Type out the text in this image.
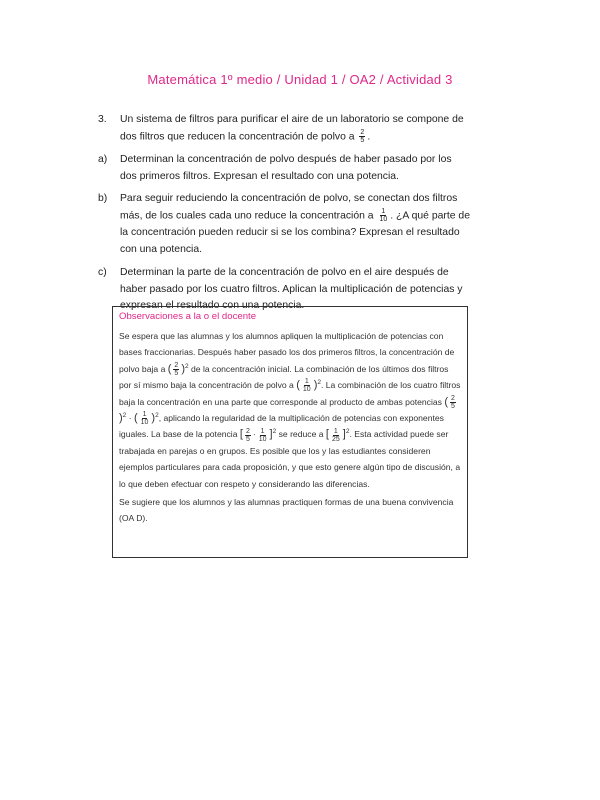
Matemática 1º medio / Unidad 1 / OA2 / Actividad 3
3.	Un sistema de filtros para purificar el aire de un laboratorio se compone de dos filtros que reducen la concentración de polvo a $\frac{2}{5}$ .
a)	Determinan la concentración de polvo después de haber pasado por los dos primeros filtros. Expresan el resultado con una potencia.
b)	Para seguir reduciendo la concentración de polvo, se conectan dos filtros más, de los cuales cada uno reduce la concentración a $\frac{1}{10}$ . ¿A qué parte de la concentración pueden reducir si se los combina? Expresan el resultado con una potencia.
c)	Determinan la parte de la concentración de polvo en el aire después de haber pasado por los cuatro filtros. Aplican la multiplicación de potencias y expresan el resultado con una potencia.
Observaciones a la o el docente

Se espera que las alumnas y los alumnos apliquen la multiplicación de potencias con bases fraccionarias. Después haber pasado los dos primeros filtros, la concentración de polvo baja a ( $\frac{2}{5} )^2$ de la concentración inicial. La combinación de los últimos dos filtros por sí mismo baja la concentración de polvo a ( $\frac{1}{10} )^2$. La combinación de los cuatro filtros baja la concentración en una parte que corresponde al producto de ambas potencias ( $\frac{2}{5}$
)$^2$ · ( $\frac{1}{10} )^2$, aplicando la regularidad de la multiplicación de potencias con exponentes iguales. La base de la potencia [ $\frac{2}{5} \cdot \frac{1}{10} ]^2$ se reduce a [ $\frac{1}{25} ]^2$. Esta actividad puede ser trabajada en parejas o en grupos. Es posible que los y las estudiantes consideren ejemplos particulares para cada proposición, y que esto genere algún tipo de discusión, a lo que deben efectuar con respeto y considerando las diferencias.

Se sugiere que los alumnos y las alumnas practiquen formas de una buena convivencia (OA D).
